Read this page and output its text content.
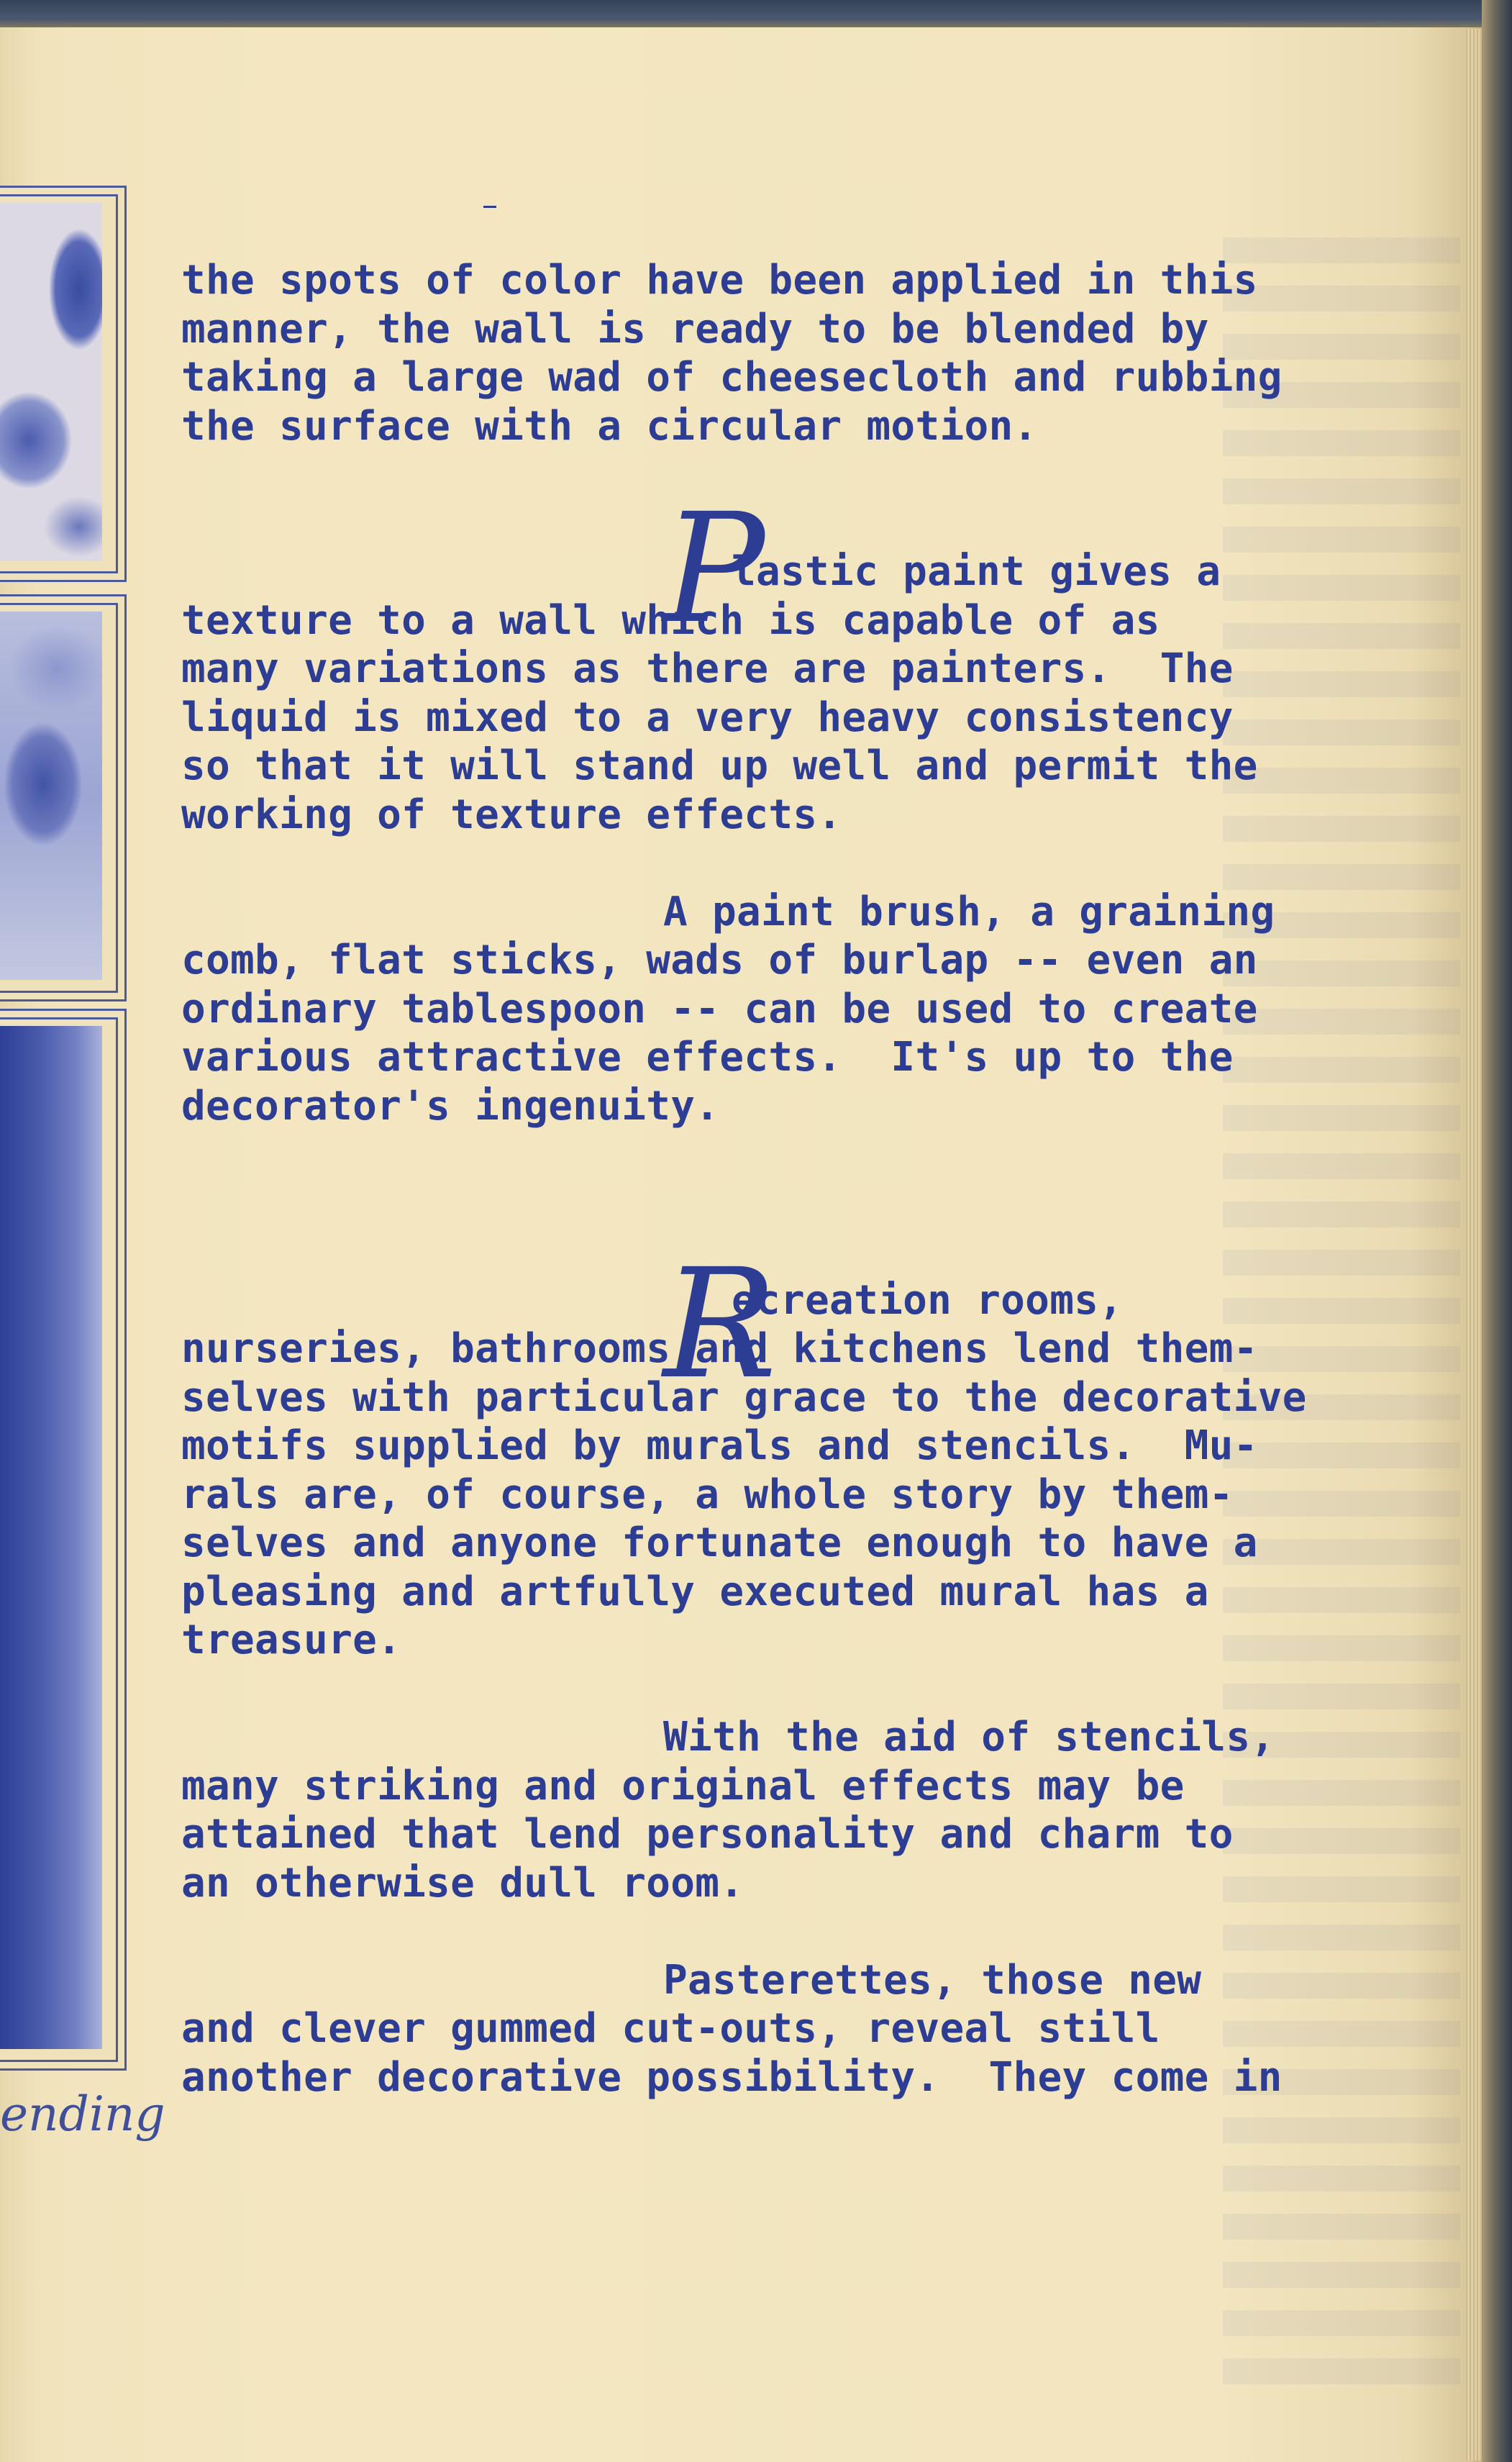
ending
P
R
the spots of color have been applied in this
manner, the wall is ready to be blended by
taking a large wad of cheesecloth and rubbing
the surface with a circular motion.
lastic paint gives a
texture to a wall which is capable of as
many variations as there are painters.  The
liquid is mixed to a very heavy consistency
so that it will stand up well and permit the
working of texture effects.
A paint brush, a graining
comb, flat sticks, wads of burlap -- even an
ordinary tablespoon -- can be used to create
various attractive effects.  It's up to the
decorator's ingenuity.
ecreation rooms,
nurseries, bathrooms and kitchens lend them-
selves with particular grace to the decorative
motifs supplied by murals and stencils.  Mu-
rals are, of course, a whole story by them-
selves and anyone fortunate enough to have a
pleasing and artfully executed mural has a
treasure.
With the aid of stencils,
many striking and original effects may be
attained that lend personality and charm to
an otherwise dull room.
Pasterettes, those new
and clever gummed cut-outs, reveal still
another decorative possibility.  They come in
